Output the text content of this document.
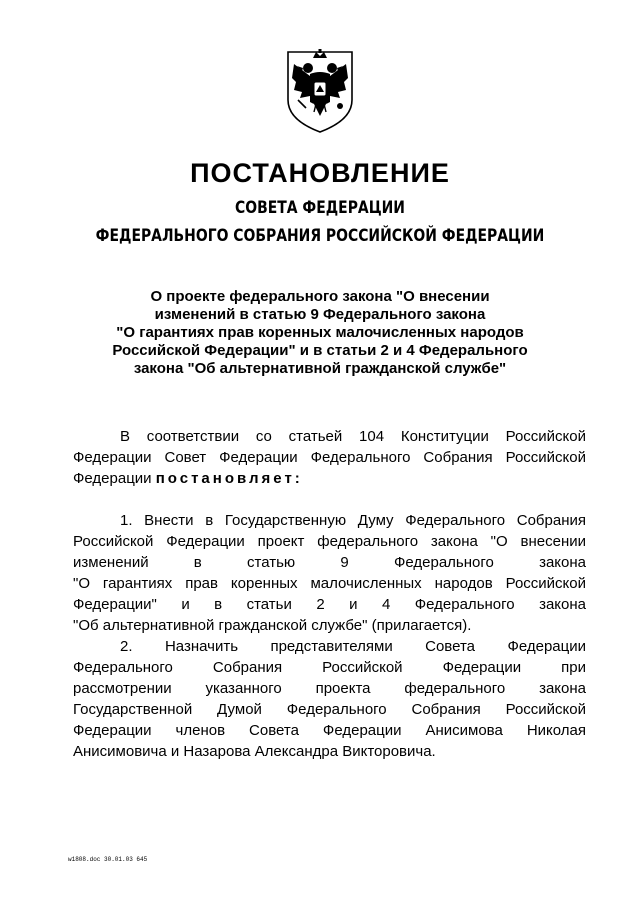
ПОСТАНОВЛЕНИЕ

СОВЕТА ФЕДЕРАЦИИ

ФЕДЕРАЛЬНОГО СОБРАНИЯ РОССИЙСКОЙ ФЕДЕРАЦИИ

О проекте федерального закона "О внесении
изменений в статью 9 Федерального закона
"О гарантиях прав коренных малочисленных народов
Российской Федерации" и в статьи 2 и 4 Федерального
закона "Об альтернативной гражданской службе"

В соответствии со статьей 104 Конституции Российской
Федерации Совет Федерации Федерального Собрания Российской
Федерации постановляет:

1. Внести в Государственную Думу Федерального Собрания
Российской Федерации проект федерального закона "О внесении
изменений в статью 9 Федерального закона
"О гарантиях прав коренных малочисленных народов Российской
Федерации" и в статьи 2 и 4 Федерального закона
"Об альтернативной гражданской службе" (прилагается).

2. Назначить представителями Совета Федерации
Федерального Собрания Российской Федерации при
рассмотрении указанного проекта федерального закона
Государственной Думой Федерального Собрания Российской
Федерации членов Совета Федерации Анисимова Николая
Анисимовича и Назарова Александра Викторовича.

w1808.doc 30.01.03 645
